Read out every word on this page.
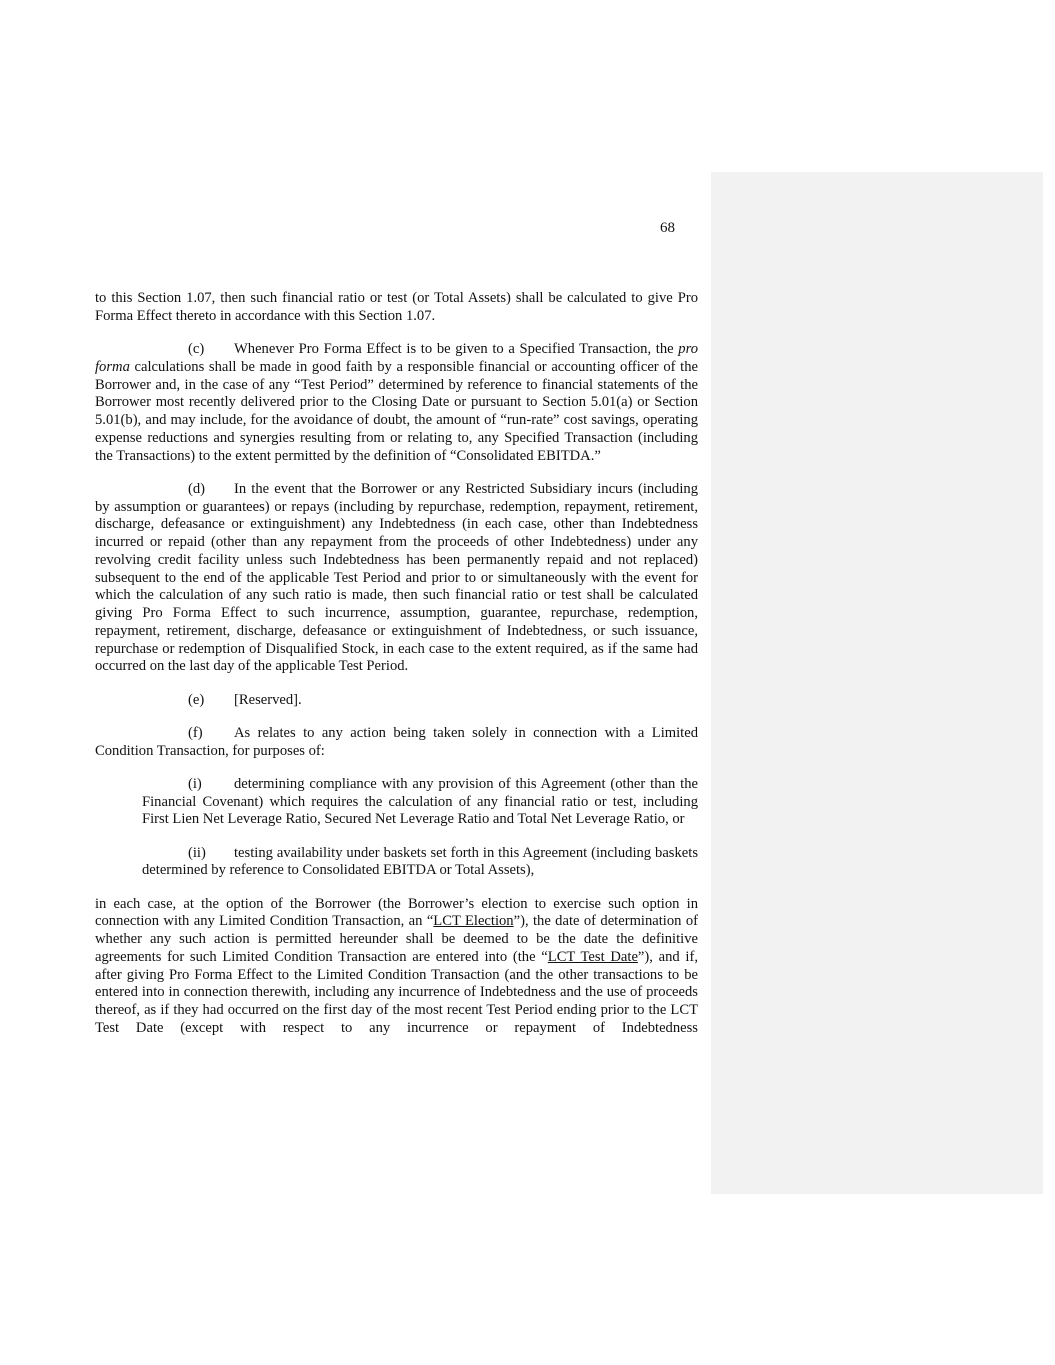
68

to this Section 1.07, then such financial ratio or test (or Total Assets) shall be calculated to give Pro Forma Effect thereto in accordance with this Section 1.07.

(c) Whenever Pro Forma Effect is to be given to a Specified Transaction, the pro forma calculations shall be made in good faith by a responsible financial or accounting officer of the Borrower and, in the case of any “Test Period” determined by reference to financial statements of the Borrower most recently delivered prior to the Closing Date or pursuant to Section 5.01(a) or Section 5.01(b), and may include, for the avoidance of doubt, the amount of “run-rate” cost savings, operating expense reductions and synergies resulting from or relating to, any Specified Transaction (including the Transactions) to the extent permitted by the definition of “Consolidated EBITDA.”

(d) In the event that the Borrower or any Restricted Subsidiary incurs (including by assumption or guarantees) or repays (including by repurchase, redemption, repayment, retirement, discharge, defeasance or extinguishment) any Indebtedness (in each case, other than Indebtedness incurred or repaid (other than any repayment from the proceeds of other Indebtedness) under any revolving credit facility unless such Indebtedness has been permanently repaid and not replaced) subsequent to the end of the applicable Test Period and prior to or simultaneously with the event for which the calculation of any such ratio is made, then such financial ratio or test shall be calculated giving Pro Forma Effect to such incurrence, assumption, guarantee, repurchase, redemption, repayment, retirement, discharge, defeasance or extinguishment of Indebtedness, or such issuance, repurchase or redemption of Disqualified Stock, in each case to the extent required, as if the same had occurred on the last day of the applicable Test Period.

(e) [Reserved].

(f) As relates to any action being taken solely in connection with a Limited Condition Transaction, for purposes of:

(i) determining compliance with any provision of this Agreement (other than the Financial Covenant) which requires the calculation of any financial ratio or test, including First Lien Net Leverage Ratio, Secured Net Leverage Ratio and Total Net Leverage Ratio, or

(ii) testing availability under baskets set forth in this Agreement (including baskets determined by reference to Consolidated EBITDA or Total Assets),

in each case, at the option of the Borrower (the Borrower’s election to exercise such option in connection with any Limited Condition Transaction, an “LCT Election”), the date of determination of whether any such action is permitted hereunder shall be deemed to be the date the definitive agreements for such Limited Condition Transaction are entered into (the “LCT Test Date”), and if, after giving Pro Forma Effect to the Limited Condition Transaction (and the other transactions to be entered into in connection therewith, including any incurrence of Indebtedness and the use of proceeds thereof, as if they had occurred on the first day of the most recent Test Period ending prior to the LCT Test Date (except with respect to any incurrence or repayment of Indebtedness
